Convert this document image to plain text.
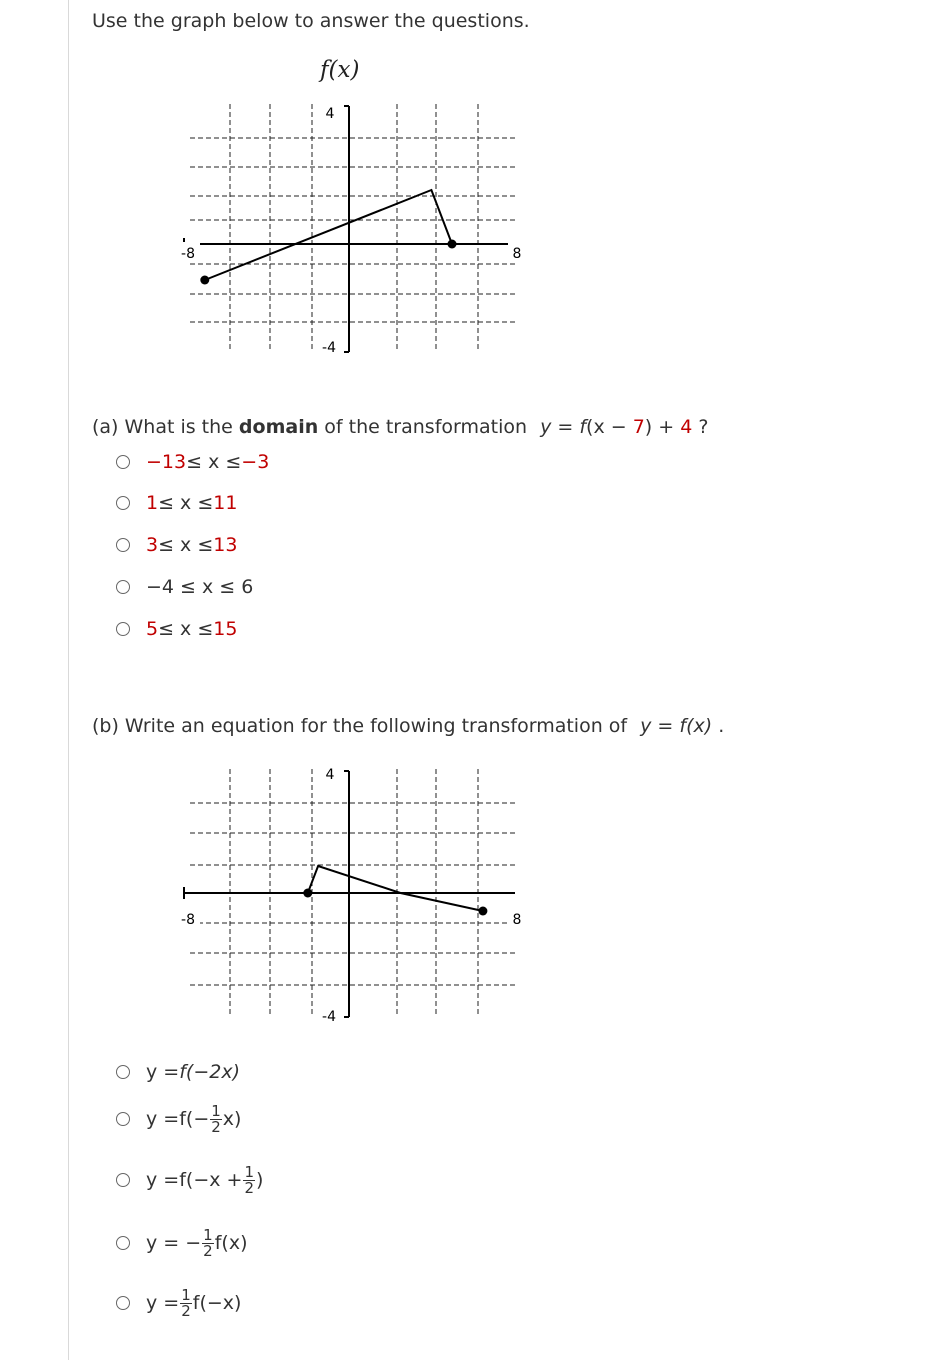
Use the graph below to answer the questions.
f(x)
4
-4
-8	8
(a) What is the domain of the transformation y = f(x − 7) + 4 ?
−13 ≤ x ≤ −3
1 ≤ x ≤ 11
3 ≤ x ≤ 13
−4 ≤ x ≤ 6
5 ≤ x ≤ 15
(b) Write an equation for the following transformation of y = f(x) .
4
-4
-8	8
y = f(−2x)
$y = f(- \frac{1}{2} x)$
$y = f(-x + \frac{1}{2}$ )
y = − $\frac{1}{2} f(x)$
$y = \frac{1}{2} f(-x)$
